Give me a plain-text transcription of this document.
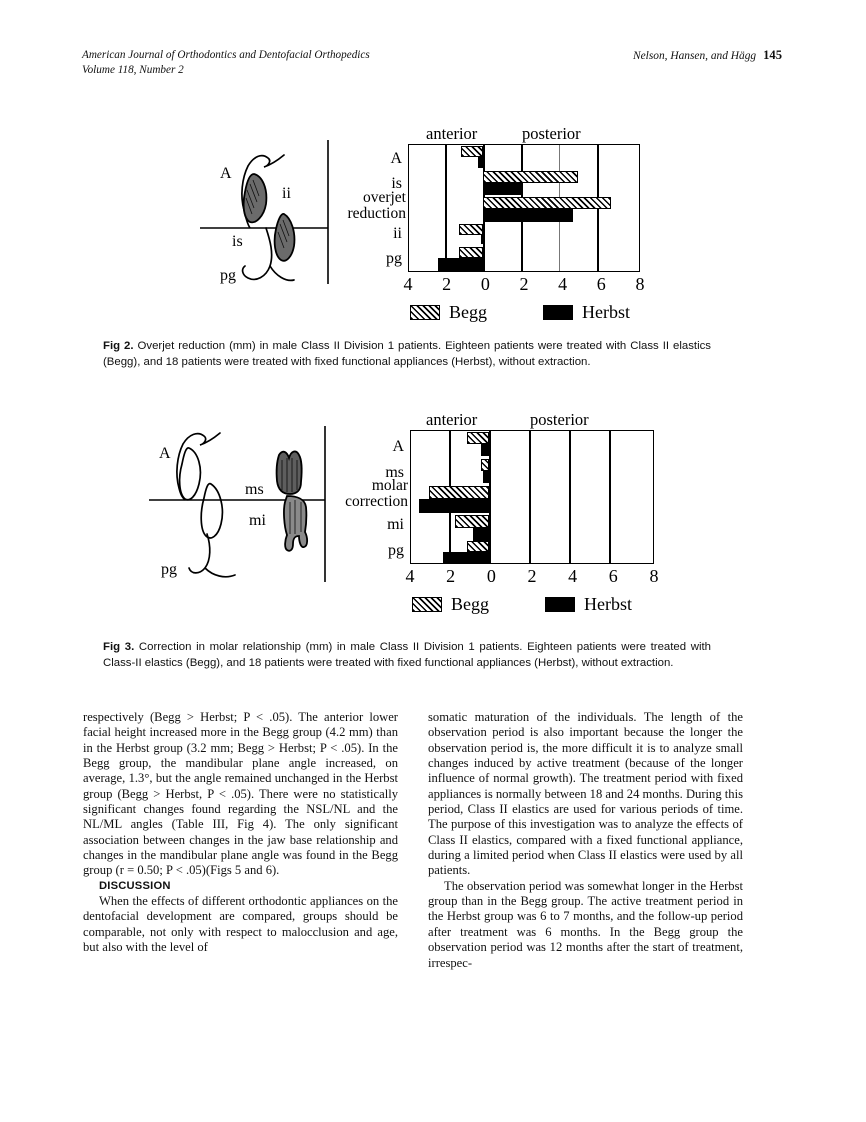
American Journal of Orthodontics and Dentofacial Orthopedics
Volume 118, Number 2
Nelson, Hansen, and Hägg 145
A
ii
is
pg
anterior	posterior
overjet reduction
A
is
ii
pg
4 2 0 2 4 6 8
Begg	Herbst
Fig 2. Overjet reduction (mm) in male Class II Division 1 patients. Eighteen patients were treated with Class II elastics (Begg), and 18 patients were treated with fixed functional appliances (Herbst), without extraction.
A
ms
mi
pg
anterior	posterior
molar correction
A
ms
mi
pg
4 2 0 2 4 6 8
Begg	Herbst
Fig 3. Correction in molar relationship (mm) in male Class II Division 1 patients. Eighteen patients were treated with Class-II elastics (Begg), and 18 patients were treated with fixed functional appliances (Herbst), without extraction.

respectively (Begg > Herbst; P < .05). The anterior lower facial height increased more in the Begg group (4.2 mm) than in the Herbst group (3.2 mm; Begg > Herbst; P < .05). In the Begg group, the mandibular plane angle increased, on average, 1.3°, but the angle remained unchanged in the Herbst group (Begg > Herbst, P < .05). There were no statistically significant changes found regarding the NSL/NL and the NL/ML angles (Table III, Fig 4). The only significant association between changes in the jaw base relationship and changes in the mandibular plane angle was found in the Begg group (r = 0.50; P < .05)(Figs 5 and 6).

DISCUSSION

When the effects of different orthodontic appliances on the dentofacial development are compared, groups should be comparable, not only with respect to malocclusion and age, but also with the level of

somatic maturation of the individuals. The length of the observation period is also important because the longer the observation period is, the more difficult it is to analyze small changes induced by active treatment (because of the longer influence of normal growth). The treatment period with fixed appliances is normally between 18 and 24 months. During this period, Class II elastics are used for various periods of time. The purpose of this investigation was to analyze the effects of Class II elastics, compared with a fixed functional appliance, during a limited period when Class II elastics were used by all patients.

The observation period was somewhat longer in the Herbst group than in the Begg group. The active treatment period in the Herbst group was 6 to 7 months, and the follow-up period after treatment was 6 months. In the Begg group the observation period was 12 months after the start of treatment, irrespec-
